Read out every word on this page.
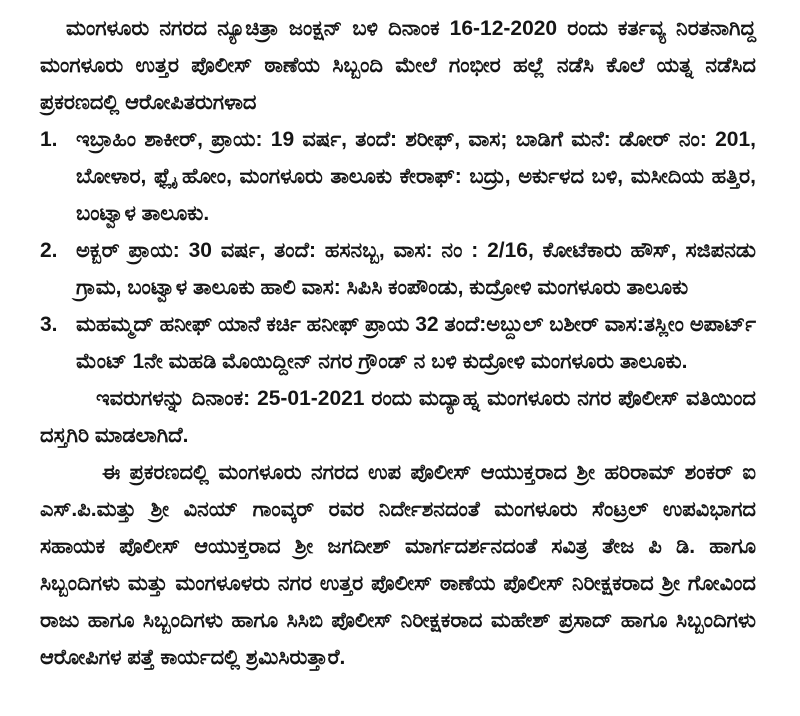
ಮಂಗಳೂರು ನಗರದ ನ್ಯೂಚಿತ್ರಾ ಜಂಕ್ಷನ್ ಬಳಿ ದಿನಾಂಕ 16-12-2020 ರಂದು ಕರ್ತವ್ಯ ನಿರತನಾಗಿದ್ದ ಮಂಗಳೂರು ಉತ್ತರ ಪೊಲೀಸ್ ಠಾಣೆಯ ಸಿಬ್ಬಂದಿ ಮೇಲೆ ಗಂಭೀರ ಹಲ್ಲೆ ನಡೆಸಿ ಕೊಲೆ ಯತ್ನ ನಡೆಸಿದ ಪ್ರಕರಣದಲ್ಲಿ ಆರೋಪಿತರುಗಳಾದ

1. ಇಬ್ರಾಹಿಂ ಶಾಕೀರ್, ಪ್ರಾಯ: 19 ವರ್ಷ, ತಂದೆ: ಶರೀಫ್, ವಾಸ; ಬಾಡಿಗೆ ಮನೆ: ಡೋರ್ ನಂ: 201, ಬೋಳಾರ, ಫ್ಲೈ ಹೋಂ, ಮಂಗಳೂರು ತಾಲೂಕು ಕೇರಾಫ್: ಬದ್ರು, ಅರ್ಕುಳದ ಬಳಿ, ಮಸೀದಿಯ ಹತ್ತಿರ, ಬಂಟ್ವಾಳ ತಾಲೂಕು.
2. ಅಕ್ಬರ್ ಪ್ರಾಯ: 30 ವರ್ಷ, ತಂದೆ: ಹಸನಬ್ಬ, ವಾಸ: ನಂ : 2/16, ಕೋಟೆಕಾರು ಹೌಸ್, ಸಜಿಪನಡು ಗ್ರಾಮ, ಬಂಟ್ವಾಳ ತಾಲೂಕು ಹಾಲಿ ವಾಸ: ಸಿಪಿಸಿ ಕಂಪೌಂಡು, ಕುದ್ರೋಳಿ ಮಂಗಳೂರು ತಾಲೂಕು
3. ಮಹಮ್ಮದ್ ಹನೀಫ್ ಯಾನೆ ಕರ್ಚಿ ಹನೀಫ್ ಪ್ರಾಯ 32 ತಂದೆ:ಅಬ್ದುಲ್ ಬಶೀರ್ ವಾಸ:ತಸ್ಲೀಂ ಅಪಾರ್ಟ್ ಮೆಂಟ್ 1ನೇ ಮಹಡಿ ಮೊಯಿದ್ದೀನ್ ನಗರ ಗ್ರೌಂಡ್ ನ ಬಳಿ ಕುದ್ರೋಳಿ ಮಂಗಳೂರು ತಾಲೂಕು.

ಇವರುಗಳನ್ನು ದಿನಾಂಕ: 25-01-2021 ರಂದು ಮದ್ಯಾಹ್ನ ಮಂಗಳೂರು ನಗರ ಪೊಲೀಸ್ ವತಿಯಿಂದ ದಸ್ತಗಿರಿ ಮಾಡಲಾಗಿದೆ.

ಈ ಪ್ರಕರಣದಲ್ಲಿ ಮಂಗಳೂರು ನಗರದ ಉಪ ಪೊಲೀಸ್ ಆಯುಕ್ತರಾದ ಶ್ರೀ ಹರಿರಾಮ್ ಶಂಕರ್ ಐ ಎಸ್.ಪಿ.ಮತ್ತು ಶ್ರೀ ವಿನಯ್ ಗಾಂವ್ಕರ್ ರವರ ನಿರ್ದೇಶನದಂತೆ ಮಂಗಳೂರು ಸೆಂಟ್ರಲ್ ಉಪವಿಭಾಗದ ಸಹಾಯಕ ಪೊಲೀಸ್ ಆಯುಕ್ತರಾದ ಶ್ರೀ ಜಗದೀಶ್ ಮಾರ್ಗದರ್ಶನದಂತೆ ಸವಿತ್ರ ತೇಜ ಪಿ ಡಿ. ಹಾಗೂ ಸಿಬ್ಬಂದಿಗಳು ಮತ್ತು ಮಂಗಳೂಳರು ನಗರ ಉತ್ತರ ಪೊಲೀಸ್ ಠಾಣೆಯ ಪೊಲೀಸ್ ನಿರೀಕ್ಷಕರಾದ ಶ್ರೀ ಗೋವಿಂದ ರಾಜು ಹಾಗೂ ಸಿಬ್ಬಂದಿಗಳು ಹಾಗೂ ಸಿಸಿಬಿ ಪೊಲೀಸ್ ನಿರೀಕ್ಷಕರಾದ ಮಹೇಶ್ ಪ್ರಸಾದ್ ಹಾಗೂ ಸಿಬ್ಬಂದಿಗಳು ಆರೋಪಿಗಳ ಪತ್ತೆ ಕಾರ್ಯದಲ್ಲಿ ಶ್ರಮಿಸಿರುತ್ತಾರೆ.
